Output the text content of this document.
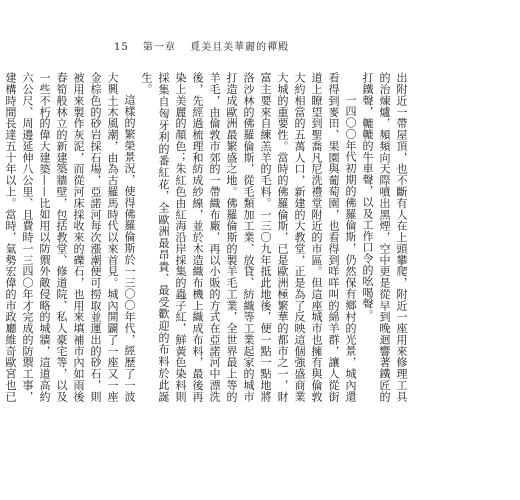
15 第一章 覓美且美華麗的禪殿

出附近一帶屋頂，也不斷有人在上頭攀爬，附近一座用來修理工具的治煉爐，頻頻向天際噴出黑煙，空中更是從早到晚迴響著鐵匠的打鐵聲，轆轆的牛車聲，以及工作口令的吆喝聲。

一四〇〇年代初期的佛羅倫斯，仍然保有鄉村的光景，城內還看得到麥田、果園與葡萄園，也看得到咩咩叫的綿羊群，讓人從街道上瞭望到聖喬凡尼洗禮堂附近的市區。但這座城市也擁有與倫敦大約相當的五萬人口，新建的大教堂，正是為了反映這個強盛商業大城的重要性。當時的佛羅倫斯，已是歐洲極繁華的都市之一，財富主要來自練羔羊的毛料。一三〇九年抵此地後，便一點一點地將洛沙林的佛羅倫斯，從毛類加工業、放貸、紡織等工業起家的城市打造成歐洲最繁盛之地。佛羅倫斯的製羊毛工業，全世界最上等的羊毛，由倫敦市郊的一帶織布廠，再以小販的方式在亞諾河中漂洗後，先經過梳理和紡成紗線，並於木造織布機上織成布料，最後再染上美麗的顏色；朱紅色由紅海沿岸採集的蟲子紅，鮮黃色染料則採集自匈牙利的番紅花，全歐洲最昂貴、最受歡迎的布料於此誕生。

這樣的繁榮景況，使得佛羅倫斯於一三〇〇年代，經歷了一波大興土木風潮，由為古羅馬時代以來首見。城內開闢了一座又一座金棕色的砂岩採石場，亞諾河每次漲潮便可撈取並運出的砂石，則被用來製作灰泥，而從河床採收來的礫石，也用來填補市內如雨後春筍般林立的新建築牆壁，包括教堂、修道院、私人豪宅等，以及一些不朽的偉大建築——比如用以防禦外敵侵略的城牆，這道高約六公尺、周邊延伸八公里、且費時一三四〇年才完成的防禦工事，建構時間長達五十年以上。當時，氣勢宏偉的市政廳維奇歐宮也已
